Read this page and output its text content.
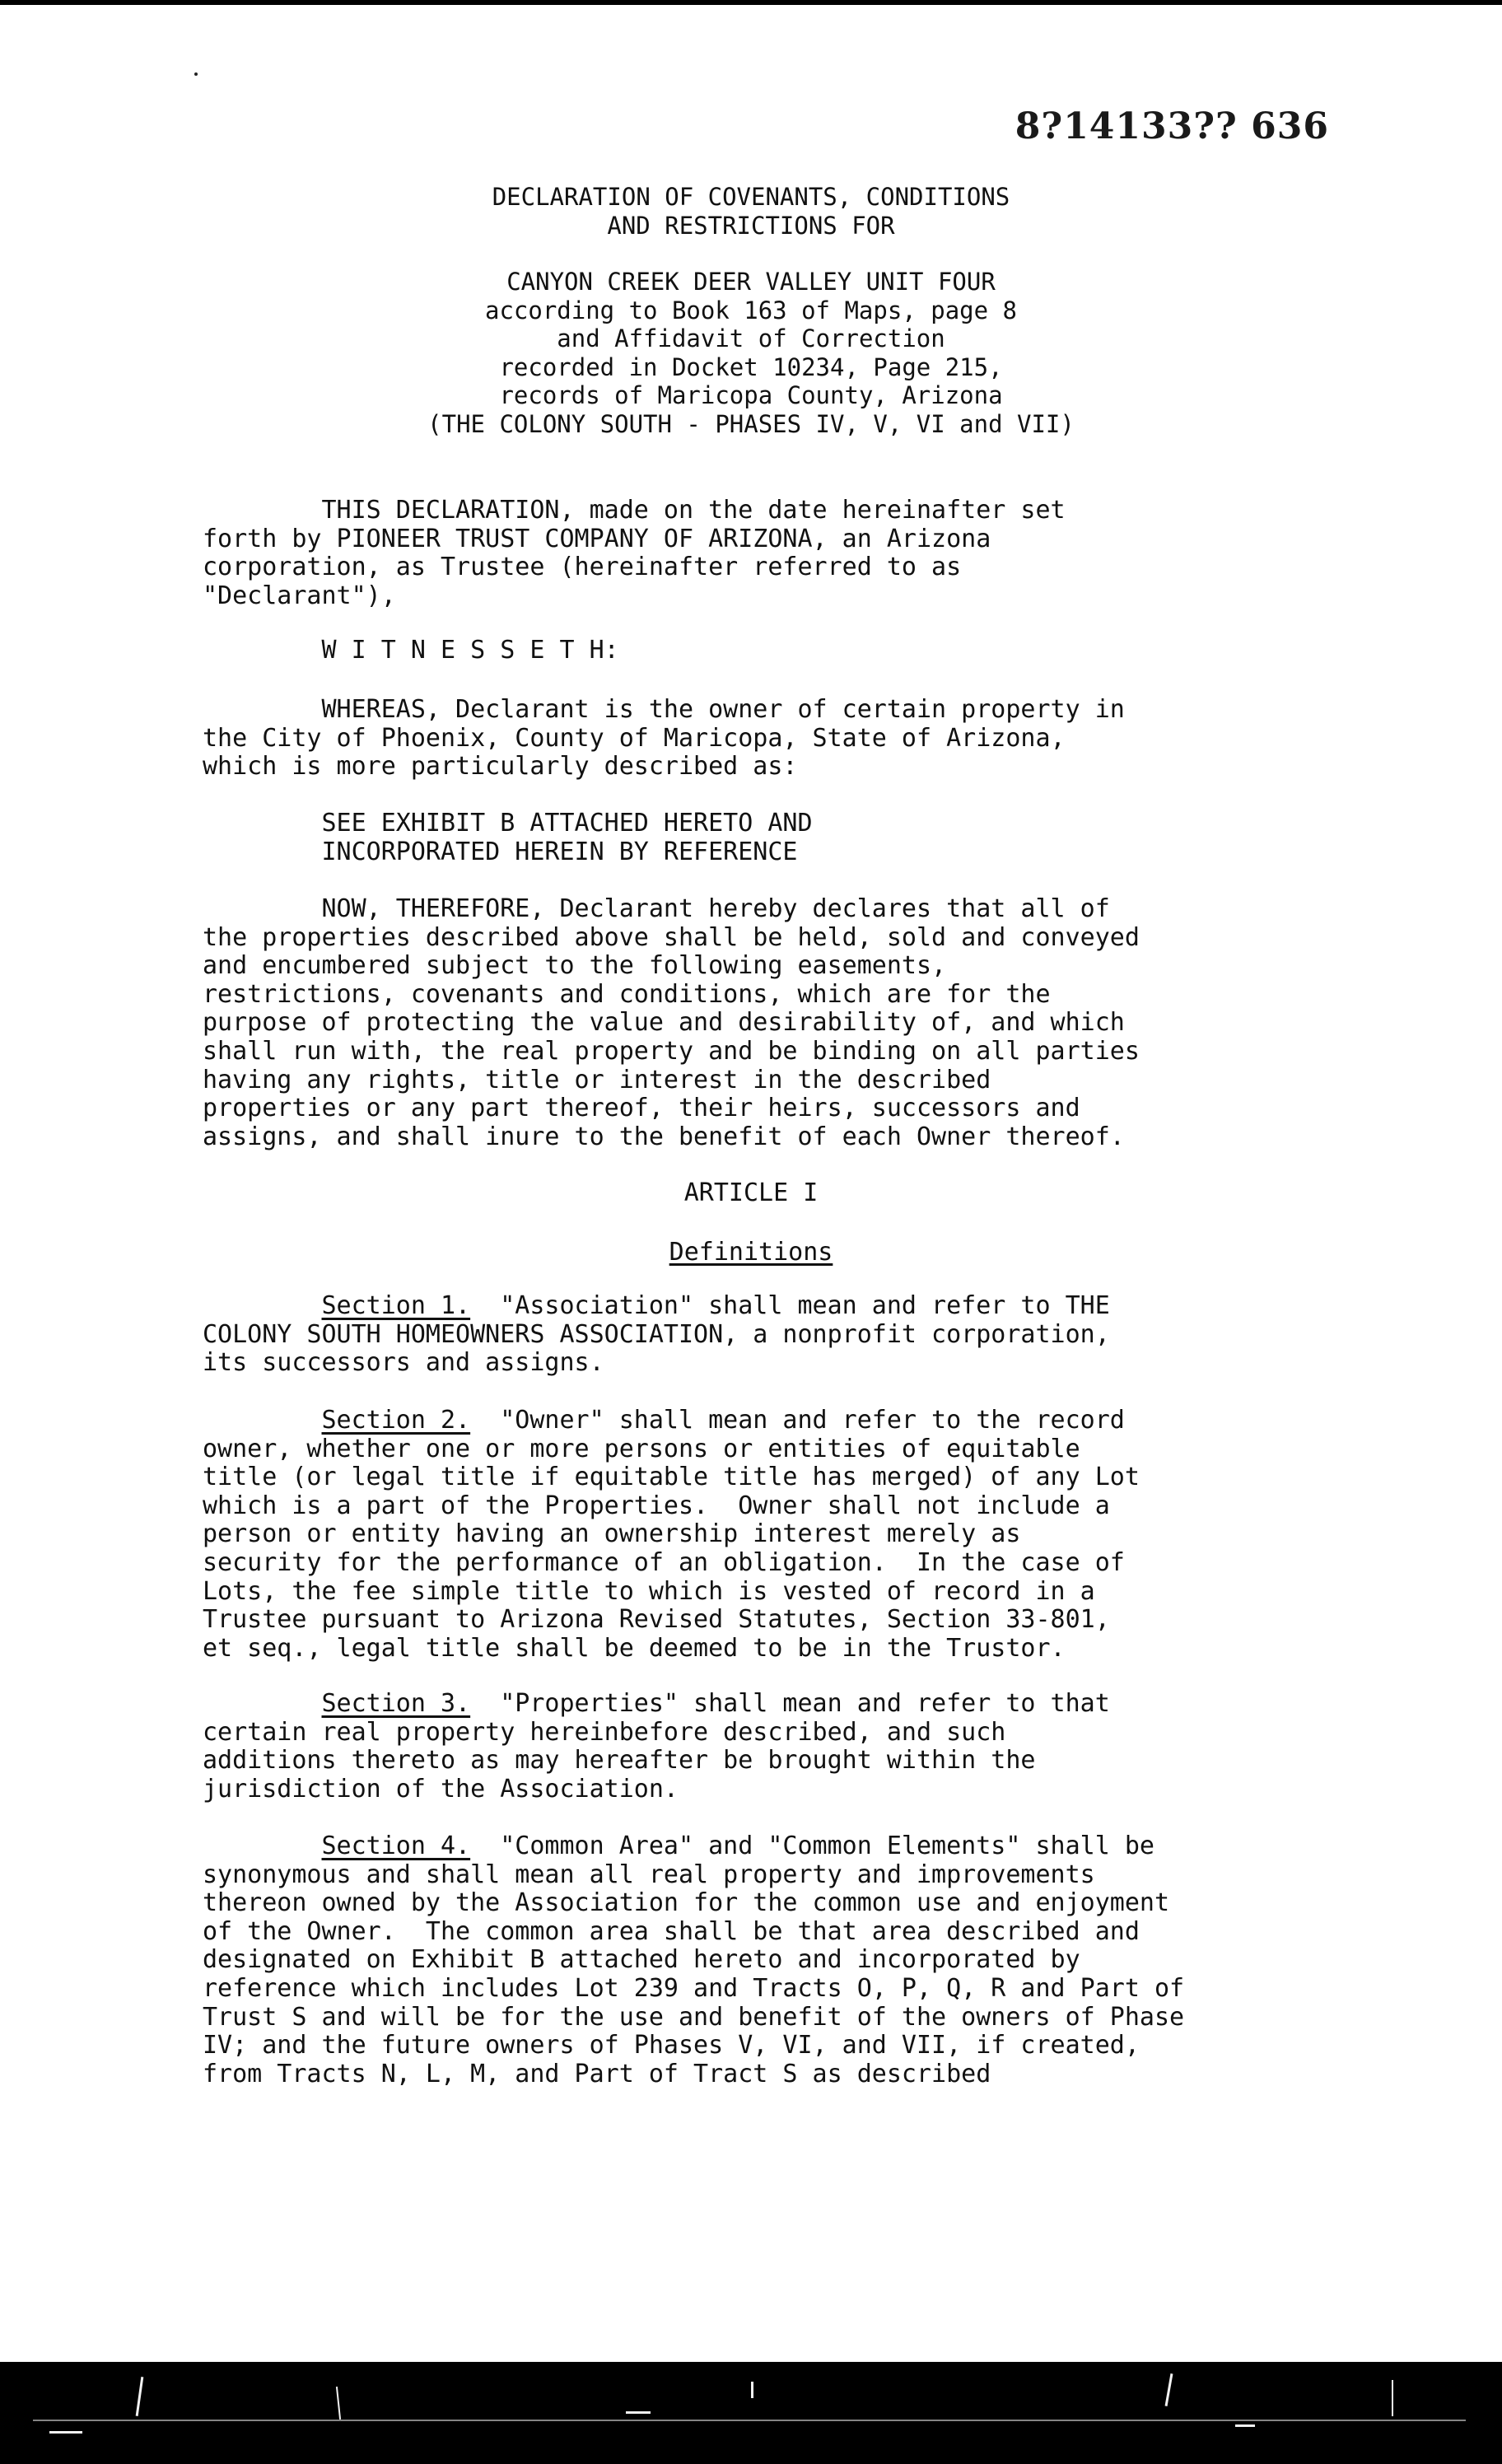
8?14133?? 636
DECLARATION OF COVENANTS, CONDITIONS
AND RESTRICTIONS FOR
CANYON CREEK DEER VALLEY UNIT FOUR
according to Book 163 of Maps, page 8
and Affidavit of Correction
recorded in Docket 10234, Page 215,
records of Maricopa County, Arizona
(THE COLONY SOUTH - PHASES IV, V, VI and VII)
THIS DECLARATION, made on the date hereinafter set
forth by PIONEER TRUST COMPANY OF ARIZONA, an Arizona
corporation, as Trustee (hereinafter referred to as
"Declarant"),
W I T N E S S E T H:
WHEREAS, Declarant is the owner of certain property in
the City of Phoenix, County of Maricopa, State of Arizona,
which is more particularly described as:
SEE EXHIBIT B ATTACHED HERETO AND
INCORPORATED HEREIN BY REFERENCE
NOW, THEREFORE, Declarant hereby declares that all of
the properties described above shall be held, sold and conveyed
and encumbered subject to the following easements,
restrictions, covenants and conditions, which are for the
purpose of protecting the value and desirability of, and which
shall run with, the real property and be binding on all parties
having any rights, title or interest in the described
properties or any part thereof, their heirs, successors and
assigns, and shall inure to the benefit of each Owner thereof.
ARTICLE I
Definitions
Section 1.  "Association" shall mean and refer to THE
COLONY SOUTH HOMEOWNERS ASSOCIATION, a nonprofit corporation,
its successors and assigns.
Section 2.  "Owner" shall mean and refer to the record
owner, whether one or more persons or entities of equitable
title (or legal title if equitable title has merged) of any Lot
which is a part of the Properties.  Owner shall not include a
person or entity having an ownership interest merely as
security for the performance of an obligation.  In the case of
Lots, the fee simple title to which is vested of record in a
Trustee pursuant to Arizona Revised Statutes, Section 33-801,
et seq., legal title shall be deemed to be in the Trustor.
Section 3.  "Properties" shall mean and refer to that
certain real property hereinbefore described, and such
additions thereto as may hereafter be brought within the
jurisdiction of the Association.
Section 4.  "Common Area" and "Common Elements" shall be
synonymous and shall mean all real property and improvements
thereon owned by the Association for the common use and enjoyment
of the Owner.  The common area shall be that area described and
designated on Exhibit B attached hereto and incorporated by
reference which includes Lot 239 and Tracts O, P, Q, R and Part of
Trust S and will be for the use and benefit of the owners of Phase
IV; and the future owners of Phases V, VI, and VII, if created,
from Tracts N, L, M, and Part of Tract S as described
